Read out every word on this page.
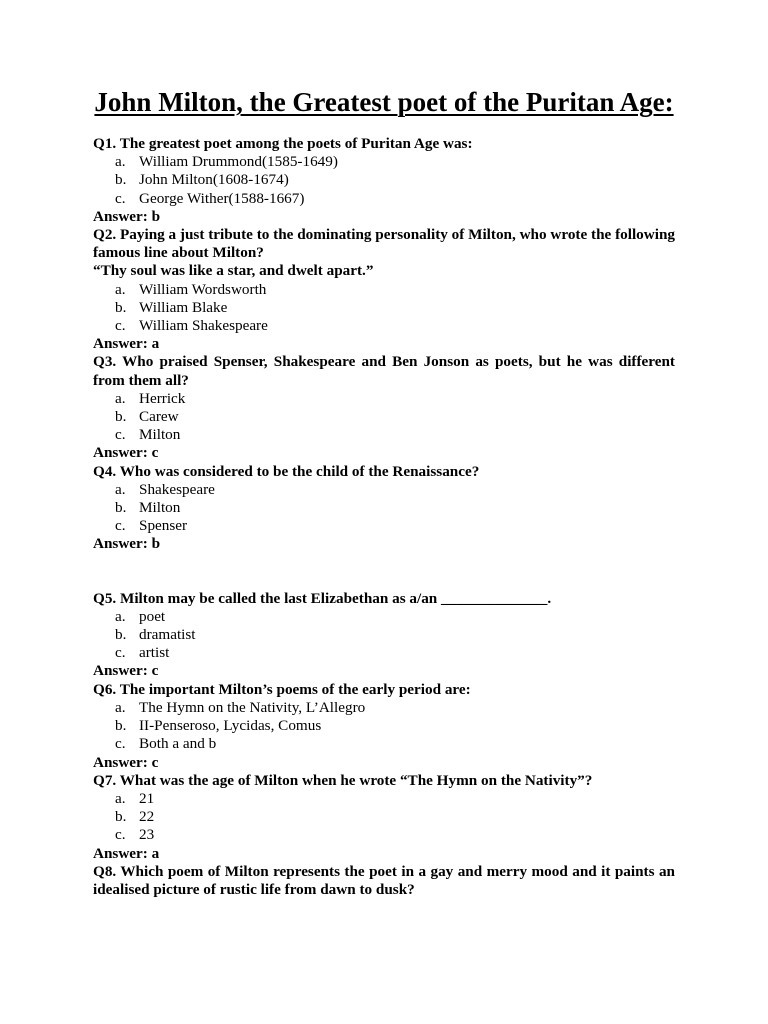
John Milton, the Greatest poet of the Puritan Age:

Q1. The greatest poet among the poets of Puritan Age was:

a. William Drummond(1585-1649)
b. John Milton(1608-1674)
c. George Wither(1588-1667)

Answer: b

Q2. Paying a just tribute to the dominating personality of Milton, who wrote the following famous line about Milton?

“Thy soul was like a star, and dwelt apart.”

a. William Wordsworth
b. William Blake
c. William Shakespeare

Answer: a

Q3. Who praised Spenser, Shakespeare and Ben Jonson as poets, but he was different from them all?

a. Herrick
b. Carew
c. Milton

Answer: c

Q4. Who was considered to be the child of the Renaissance?

a. Shakespeare
b. Milton
c. Spenser

Answer: b

Q5. Milton may be called the last Elizabethan as a/an ______________.

a. poet
b. dramatist
c. artist

Answer: c

Q6. The important Milton’s poems of the early period are:

a. The Hymn on the Nativity, L’Allegro
b. II-Penseroso, Lycidas, Comus
c. Both a and b

Answer: c

Q7. What was the age of Milton when he wrote “The Hymn on the Nativity”?

a. 21
b. 22
c. 23

Answer: a

Q8. Which poem of Milton represents the poet in a gay and merry mood and it paints an idealised picture of rustic life from dawn to dusk?
